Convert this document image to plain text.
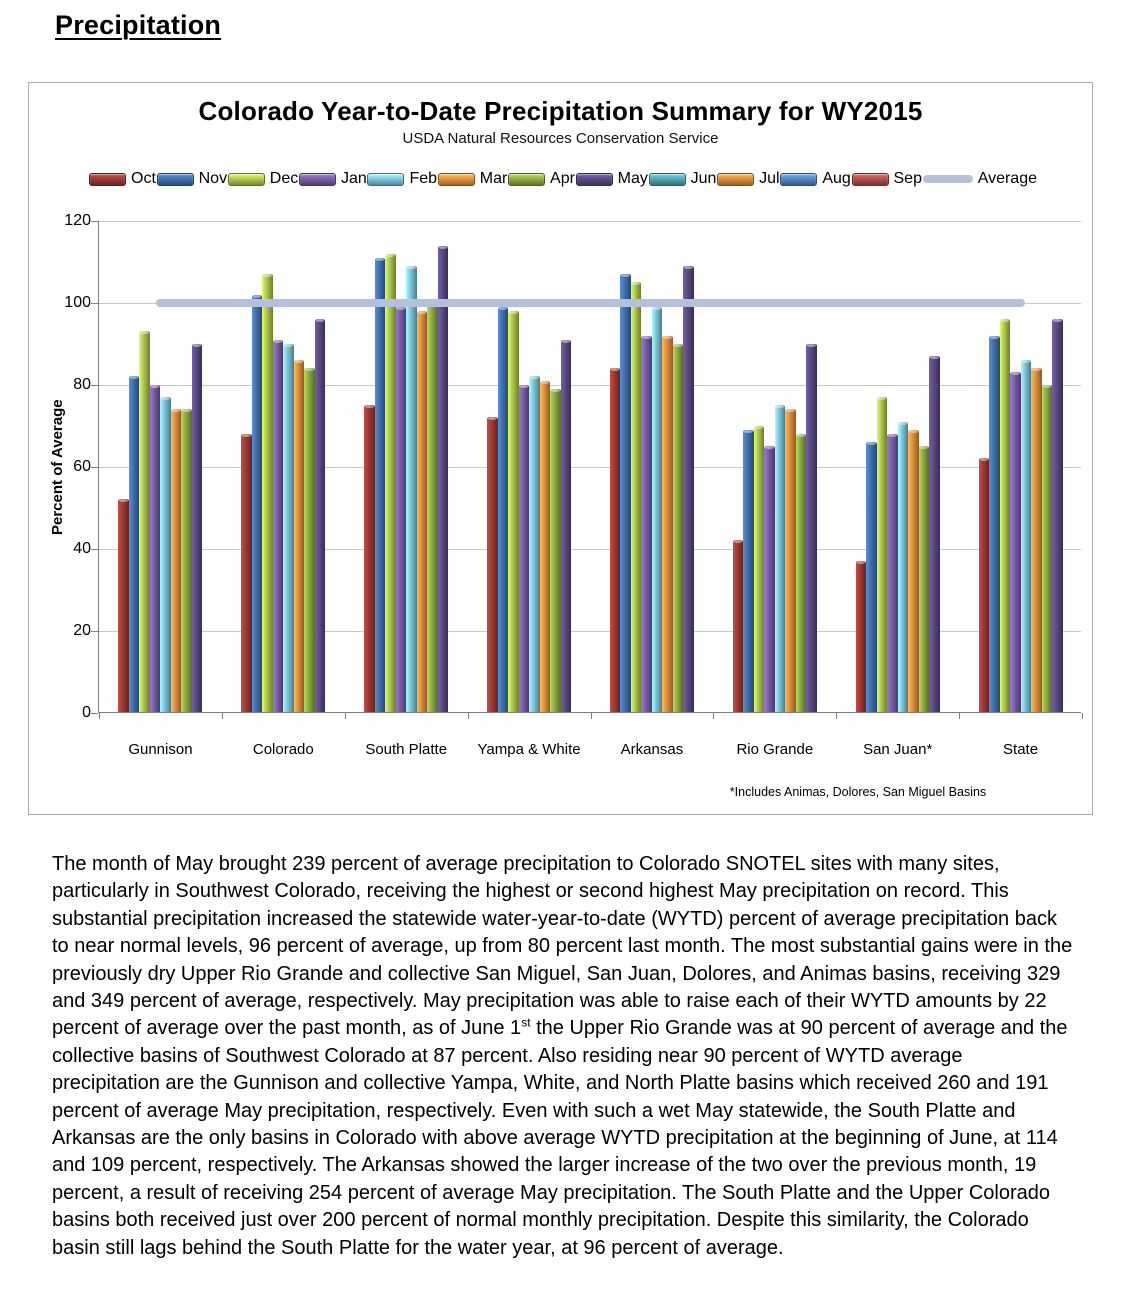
Precipitation
Colorado Year-to-Date Precipitation Summary for WY2015
USDA Natural Resources Conservation Service
Oct	Nov	Dec	Jan	Feb	Mar	Apr	May	Jun	Jul	Aug	Sep	Average
Percent of Average
0
20
40
60
80
100
120
Gunnison	Colorado	South Platte	Yampa & White	Arkansas	Rio Grande	San Juan*	State
*Includes Animas, Dolores, San Miguel Basins

The month of May brought 239 percent of average precipitation to Colorado SNOTEL sites with many sites, particularly in Southwest Colorado, receiving the highest or second highest May precipitation on record. This substantial precipitation increased the statewide water-year-to-date (WYTD) percent of average precipitation back to near normal levels, 96 percent of average, up from 80 percent last month. The most substantial gains were in the previously dry Upper Rio Grande and collective San Miguel, San Juan, Dolores, and Animas basins, receiving 329 and 349 percent of average, respectively. May precipitation was able to raise each of their WYTD amounts by 22 percent of average over the past month, as of June 1st the Upper Rio Grande was at 90 percent of average and the collective basins of Southwest Colorado at 87 percent. Also residing near 90 percent of WYTD average precipitation are the Gunnison and collective Yampa, White, and North Platte basins which received 260 and 191 percent of average May precipitation, respectively. Even with such a wet May statewide, the South Platte and Arkansas are the only basins in Colorado with above average WYTD precipitation at the beginning of June, at 114 and 109 percent, respectively. The Arkansas showed the larger increase of the two over the previous month, 19 percent, a result of receiving 254 percent of average May precipitation. The South Platte and the Upper Colorado basins both received just over 200 percent of normal monthly precipitation. Despite this similarity, the Colorado basin still lags behind the South Platte for the water year, at 96 percent of average.
